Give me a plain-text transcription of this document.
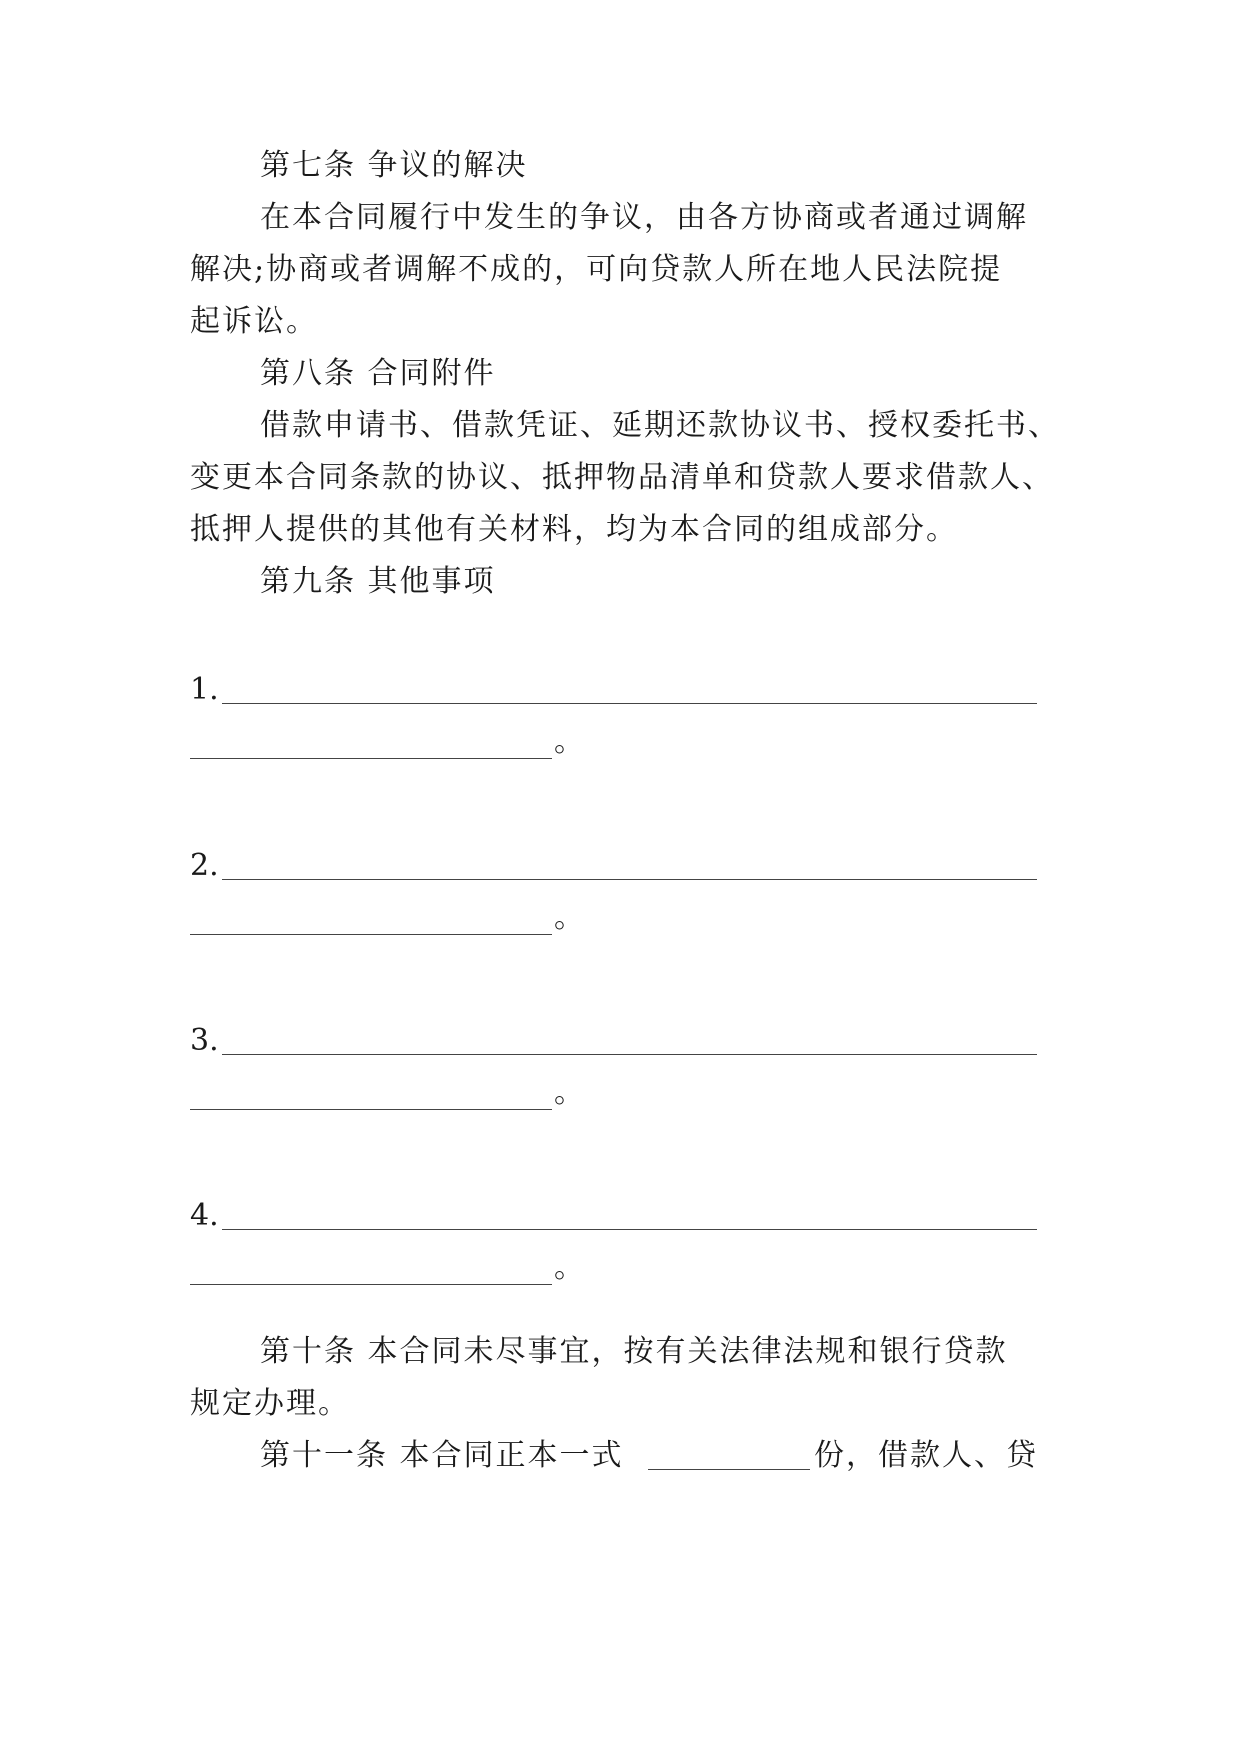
第七条 争议的解决
在本合同履行中发生的争议，由各方协商或者通过调解
解决;协商或者调解不成的，可向贷款人所在地人民法院提
起诉讼。
第八条 合同附件
借款申请书、借款凭证、延期还款协议书、授权委托书、
变更本合同条款的协议、抵押物品清单和贷款人要求借款人、
抵押人提供的其他有关材料，均为本合同的组成部分。
第九条 其他事项
1.
。
2.
。
3.
。
4.
。
第十条 本合同未尽事宜，按有关法律法规和银行贷款
规定办理。
第十一条 本合同正本一式	份，借款人、贷
